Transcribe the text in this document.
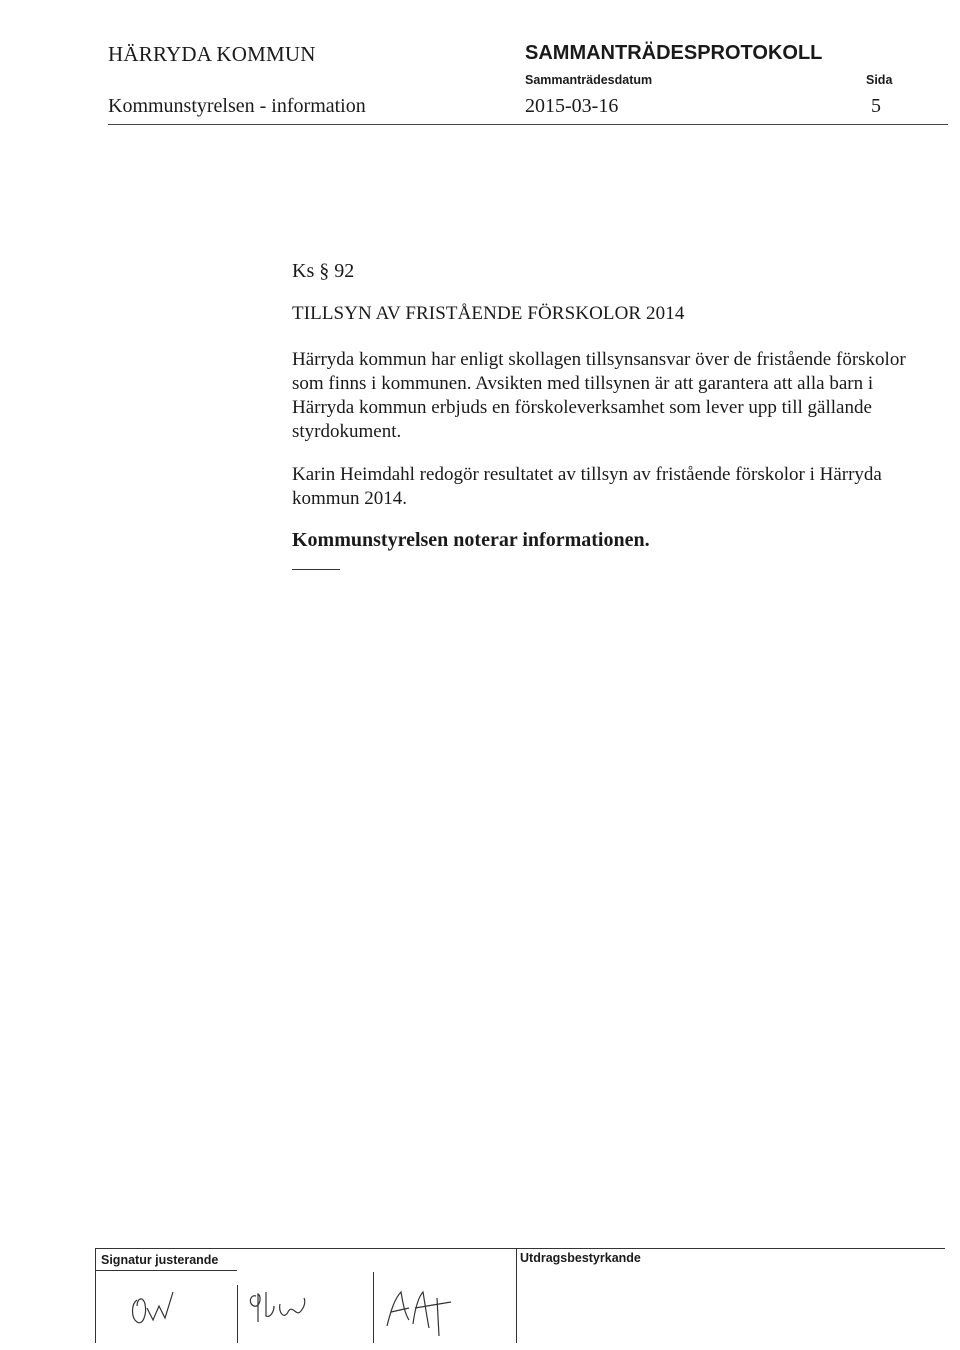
HÄRRYDA KOMMUN	SAMMANTRÄDESPROTOKOLL
Sammanträdesdatum	Sida
Kommunstyrelsen - information	2015-03-16	5
Ks § 92
TILLSYN AV FRISTÅENDE FÖRSKOLOR 2014
Härryda kommun har enligt skollagen tillsynsansvar över de fristående förskolor som finns i kommunen. Avsikten med tillsynen är att garantera att alla barn i Härryda kommun erbjuds en förskoleverksamhet som lever upp till gällande styrdokument.
Karin Heimdahl redogör resultatet av tillsyn av fristående förskolor i Härryda kommun 2014.
Kommunstyrelsen noterar informationen.
Signatur justerande	Utdragsbestyrkande
